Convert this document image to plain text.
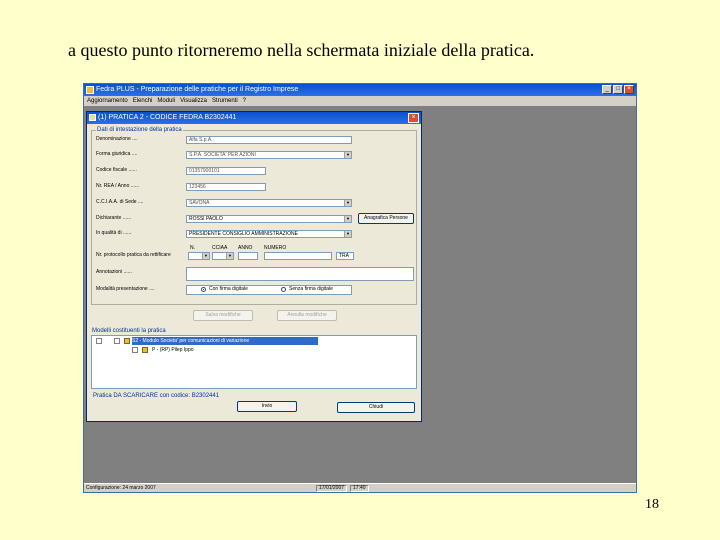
a questo punto ritorneremo nella schermata iniziale della pratica.
Fedra PLUS - Preparazione delle pratiche per il Registro Imprese	_	□	×
Aggiornamento Elenchi Moduli Visualizza Strumenti ?
(1) PRATICA 2 - CODICE FEDRA B2302441	×
Dati di intestazione della pratica
Denominazione ....	Alfa S.p.A.
Forma giuridica ....	S.P.A. SOCIETA' PER AZIONI	▼
Codice fiscale ......	01357900101
Nr. REA / Anno ......	123456
C.C.I.A.A. di Sede ....	SAVONA	▼
Dichiarante ......	ROSSI PAOLO	▼	Anagrafica Persone
In qualità di ......	PRESIDENTE CONSIGLIO AMMINISTRAZIONE	▼
N.	CCIAA ANNO NUMERO
Nr. protocollo pratica da rettificare	▼	▼	TRA
Annotazioni ......
Modalità presentazione ....	Con firma digitale	Senza firma digitale
Salva modifiche	Annulla modifiche
Modelli costituenti la pratica
S2 - Modulo Societa' per comunicazioni di variazione
P - (RP) Pilep Ippo
Pratica DA SCARICARE con codice: B2302441
Invio	Chiudi
Configurazione: 24 marzo 2007	17/01/2007	17:40
18
